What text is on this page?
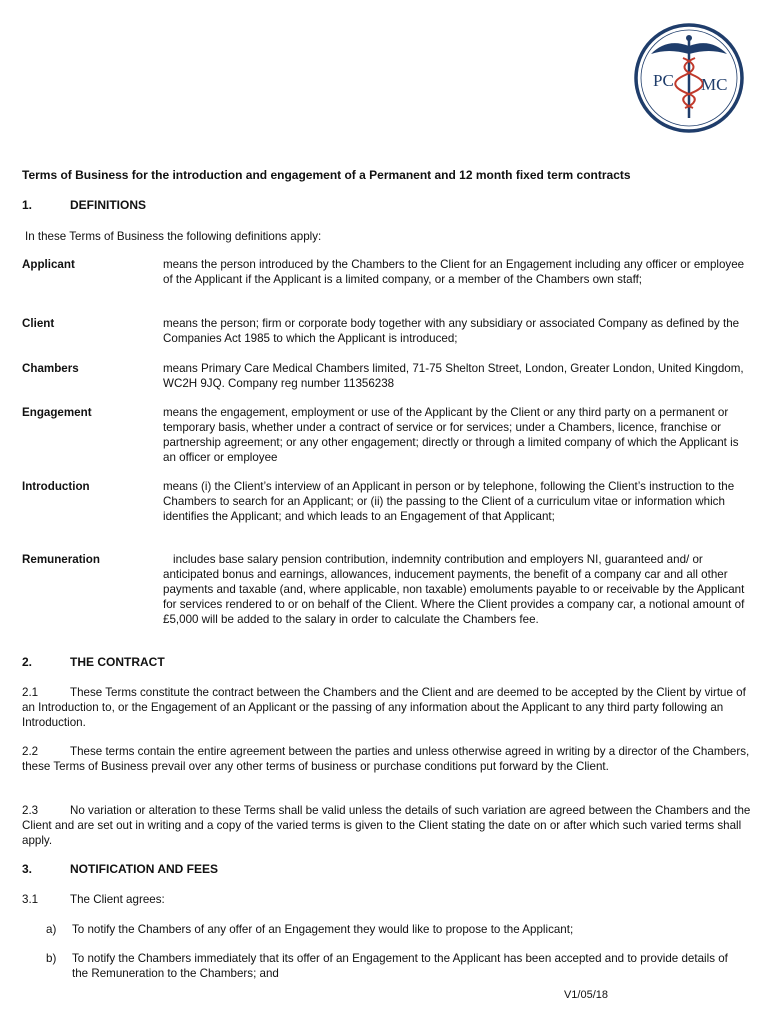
PC MC
Terms of Business for the introduction and engagement of a Permanent and 12 month fixed term contracts
1.	DEFINITIONS
In these Terms of Business the following definitions apply:
Applicant	means the person introduced by the Chambers to the Client for an Engagement including any officer or employee of the Applicant if the Applicant is a limited company, or a member of the Chambers own staff;
Client	means the person; firm or corporate body together with any subsidiary or associated Company as defined by the Companies Act 1985 to which the Applicant is introduced;
Chambers	means Primary Care Medical Chambers limited, 71-75 Shelton Street, London, Greater London, United Kingdom, WC2H 9JQ. Company reg number 11356238
Engagement	means the engagement, employment or use of the Applicant by the Client or any third party on a permanent or temporary basis, whether under a contract of service or for services; under a Chambers, licence, franchise or partnership agreement; or any other engagement; directly or through a limited company of which the Applicant is an officer or employee
Introduction	means (i) the Client’s interview of an Applicant in person or by telephone, following the Client’s instruction to the Chambers to search for an Applicant; or (ii) the passing to the Client of a curriculum vitae or information which identifies the Applicant; and which leads to an Engagement of that Applicant;
Remuneration	includes base salary pension contribution, indemnity contribution and employers NI, guaranteed and/ or anticipated bonus and earnings, allowances, inducement payments, the benefit of a company car and all other payments and taxable (and, where applicable, non taxable) emoluments payable to or receivable by the Applicant for services rendered to or on behalf of the Client. Where the Client provides a company car, a notional amount of £5,000 will be added to the salary in order to calculate the Chambers fee.
2.	THE CONTRACT
2.1	These Terms constitute the contract between the Chambers and the Client and are deemed to be accepted by the Client by virtue of an Introduction to, or the Engagement of an Applicant or the passing of any information about the Applicant to any third party following an Introduction.
2.2	These terms contain the entire agreement between the parties and unless otherwise agreed in writing by a director of the Chambers, these Terms of Business prevail over any other terms of business or purchase conditions put forward by the Client.
2.3	No variation or alteration to these Terms shall be valid unless the details of such variation are agreed between the Chambers and the Client and are set out in writing and a copy of the varied terms is given to the Client stating the date on or after which such varied terms shall apply.
3.	NOTIFICATION AND FEES
3.1	The Client agrees:
a) To notify the Chambers of any offer of an Engagement they would like to propose to the Applicant;
b) To notify the Chambers immediately that its offer of an Engagement to the Applicant has been accepted and to provide details of the Remuneration to the Chambers; and
V1/05/18
